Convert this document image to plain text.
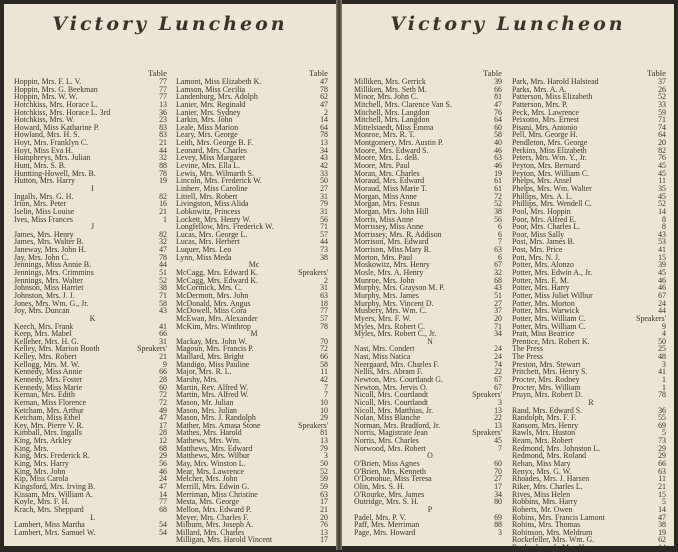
Victory Luncheon
Table
Hoppin, Mrs. F. L. V.	77
Hoppin, Mrs. G. Beekman	77
Hoppin, Mrs. W. W.	77
Hotchkiss, Mrs. Horace L.	13
Hotchkiss, Mrs. Horace L. 3rd	36
Hotchkiss, Mrs. W.	23
Howard, Miss Katharine P.	83
Howland, Mrs. H. S.	83
Hoyt, Mrs. Franklyn C.	21
Hoyt, Miss Eva H.	44
Humphreys, Mrs. Julian	32
Hunt, Mrs. S. B.	88
Huntting-Howell, Mrs. B.	78
Hutton, Mrs. Harry	19
I
Ingalls, Mrs. G. H.	82
Irion, Mrs. Peter	16
Iselin, Miss Louise	21
Ives, Miss Frances	1
J
James, Mrs. Henry	82
James, Mrs. Walter B.	32
Janeway, Mrs. John H.	47
Jay, Mrs. John C.	78
Jennings, Miss Annie B.	44
Jennings, Mrs. Crimmins	51
Jennings, Mrs. Walter	52
Johnson, Miss Harriet	38
Johnston, Mrs. J. J.	71
Jones, Mrs. Wm. G., Jr.	58
Joy, Mrs. Duncan	43
K
Keech, Mrs. Frank	41
Keep, Mrs. Mabel	66
Kelleher, Mrs. H. G.	31
Kelley, Mrs. Marion Booth	Speakers'
Kelley, Mrs. Robert	21
Kellogg, Mrs. M. W.	9
Kennedy, Miss Annie	66
Kennedy, Mrs. Foster	28
Kennedy, Miss Marie	60
Kernan, Mrs. Edith	72
Kernan, Miss Florence	72
Ketcham, Mrs. Arthur	49
Ketcham, Miss Ethel	47
Key, Mrs. Pierre V. R.	17
Kimball, Mrs. Ingalls	28
King, Mrs. Arkley	12
King, Mrs.	68
King, Mrs. Frederick R.	29
King, Mrs. Harry	56
King, Mrs. John	46
Kip, Miss Carola	24
Kingsford, Mrs. Irving B.	47
Kissam, Mrs. William A.	14
Koyle, Mrs. F. H.	77
Krach, Mrs. Sheppard	68
L
Lambert, Miss Martha	54
Lambert, Mrs. Samuel W.	54
Table
Lamont, Miss Elizabeth K.	47
Lamson, Miss Cecilia	78
Landenburg, Mrs. Adolph	62
Lanier, Mrs. Reginald	47
Lanier, Mrs. Sydney	2
Larkin, Mrs. John	14
Leale, Miss Marion	64
Leary, Mrs. George	78
Leith, Mrs. George B. F.	13
Leonard, Mrs. Charles	34
Levey, Miss Margaret	43
Levine, Mrs. Ella L.	42
Lewis, Mrs. Wilmarth S.	33
Lincoln, Mrs. Frederick W.	50
Linherr, Miss Caroline	27
Littell, Mrs. Robert	31
Livingston, Miss Alida	79
Lobkowitz, Princess	31
Lockett, Mrs. Henry W.	56
Longfellow, Mrs. Frederick W.	71
Lucas, Mrs. George L.	57
Lucas, Mrs. Herbert	44
Luquer, Mrs. Leo	73
Lynn, Miss Meda	38
Mc
McCagg, Mrs. Edward K.	Speakers'
McCagg, Mrs. Edward K.	2
McCormick, Mrs. C.	31
McDermott, Mrs. John	63
McDonald, Mrs. Angus	18
McDowell, Miss Cora	77
McEwan, Mrs. Alexander	57
McKim, Mrs. Winthrop	78
M
Mackay, Mrs. John W.	70
Magoun, Mrs. Francis P.	72
Maillard, Mrs. Bright	66
Mandigo, Miss Pauline	58
Major, Mrs. R. L.	11
Marshy, Mrs.	42
Martin, Rev. Alfred W.	7
Martin, Mrs. Alfred W.	7
Mason, Mr. Julian	10
Mason, Mrs. Julian	10
Mason, Mrs. J. Randolph	29
Mather, Mrs. Amasa Stone	Speakers'
Mathes, Mrs. Harold	81
Mathews, Mrs. Wm.	13
Matthews, Mrs. Edward	79
Matthews, Mrs. Wilbur	3
May, Mrs. Winston L.	50
Mear, Mrs. Lawrence	52
Melcher, Mrs. John	59
Merrill, Mrs. Edwin G.	59
Merriman, Miss Christine	63
Mesta, Mrs. George	17
Mellon, Mrs. Edward P.	21
Meyer, Mrs. Charles F.	20
Milburn, Mrs. Joseph A.	76
Millard, Mrs. Charles	13
Milligan, Mrs. Harold Vincent	17
Victory Luncheon
Table
Milliken, Mrs. Gerrick	39
Milliken, Mrs. Seth M.	66
Minor, Mrs. John C.	81
Mitchell, Mrs. Clarence Van S.	47
Mitchell, Mrs. Langdon	76
Mitchell, Mrs. Langdon	64
Mittelstaedt, Miss Emma	60
Monroe, Mrs. R. T.	58
Montgomery, Mrs. Austin P.	40
Moore, Mrs. Edward S.	46
Moore, Mrs. L. deB.	63
Moore, Mrs. Paul	46
Moran, Mrs. Charles	19
Moraud, Mrs. Edward	61
Moraud, Miss Marie T.	61
Morgan, Miss Anne	72
Morgan, Mrs. Festus	52
Morgan, Mrs. John Hill	38
Morris, Miss Anne	56
Morrissey, Miss Anne	6
Morrissey, Mrs. R. Addison	6
Morrison, Mrs. Edward	7
Morrison, Miss Mary R.	63
Morton, Mrs. Paul	6
Moskowitz, Mrs. Henry	67
Mosle, Mrs. A. Henry	32
Munroe, Mrs. John	68
Murphy, Mrs. Grayson M. P.	43
Murphy, Mrs. James	51
Murphy, Mrs. Vincent D.	27
Musbery, Mrs. Wm. C.	37
Myers, Mrs. F. W.	20
Myles, Mrs. Robert C.	71
Myles, Mrs. Robert C., Jr.	34
N
Nast, Mrs. Condert	24
Nast, Miss Natica	24
Neergaard, Mrs. Charles F.	74
Nellis, Mrs. Abram F.	22
Newton, Mrs. Courtlandt G.	67
Newton, Mrs. Jervis O.	67
Nicoll, Mrs. Courtlandt	Speakers'
Nicoll, Mrs. Courtlandt	3
Nicoll, Mrs. Matthias, Jr.	13
Nolan, Miss Blanche	22
Norman, Mrs. Bradford, Jr.	13
Norris, Magistrate Jean	Speakers'
Norris, Mrs. Charles	45
Norwood, Mrs. Robert	7
O
O'Brien, Miss Agnes	60
O'Brien, Mrs. Kenneth	70
O'Donohue, Miss Teresa	27
Olin, Mrs. S. H.	17
O'Rourke, Mrs. James	34
Outridge, Mrs. S. H.	80
P
Padel, Mrs. P. V.	69
Paff, Mrs. Merriman	88
Page, Mrs. Howard	3
Table
Park, Mrs. Harold Halstead	37
Parks, Mrs. A. A.	26
Patterson, Miss Elizabeth	52
Patterson, Mrs. P.	33
Peck, Mrs. Lawrence	59
Peixotto, Mrs. Ernest	71
Pisani, Mrs. Antonio	74
Pell, Mrs. George H.	64
Pendleton, Mrs. George	20
Perkins, Miss Elizabeth	82
Peters, Mrs. Wm. Y., Jr.	76
Peyton, Mrs. Bernard	45
Peyton, Mrs. William C.	45
Phelps, Mrs. Ansel	11
Phelps, Mrs. Wm. Walter	35
Phillips, Mrs. A. L.	45
Phillips, Mrs. Wendell C.	52
Pool, Mrs. Hoppin	14
Poor, Mrs. Alfred E.	8
Poor, Mrs. Charles L.	8
Poor, Miss Sally	43
Post, Mrs. James B.	53
Post, Mrs. Price	41
Pott, Mrs. N. J.	15
Potter, Mrs. Alonzo	39
Potter, Mrs. Edwin A., Jr.	45
Potter, Mrs. E. M.	46
Potter, Mrs. Harry	46
Potter, Miss Juliet Wilbur	67
Potter, Mrs. Morton	24
Potter, Mrs. Warwick	44
Potter, Mrs. William C.	Speakers'
Potter, Mrs. William C.	9
Pratt, Miss Beatrice	4
Prentice, Mrs. Robert K.	50
The Press	25
The Press	48
Preston, Mrs. Stewart	3
Pritchett, Mrs. Henry S.	41
Procter, Mrs. Rodney	1
Procter, Mrs. William	1
Pruyn, Mrs. Robert D.	78
R
Rand, Mrs. Edward S.	36
Randolph, Mrs. F. F.	55
Ransom, Mrs. Henry	69
Rawls, Mrs. Huston	5
Rearn, Mrs. Robert	73
Redmond, Mrs. Johnston L.	29
Redmond, Mrs. Roland	29
Rehan, Miss Mary	66
Renyx, Mrs. G. W.	63
Rhoades, Mrs. J. Harsen	11
Riker, Mrs. Charles L.	21
Rives, Miss Helen	15
Robbins, Mrs. Harry	5
Roberts, Mr. Owen	14
Robins, Mrs. Francis Lamont	47
Robins, Mrs. Thomas	38
Robinson, Mrs. Meldrum	19
Rockefeller, Mrs. Wm. G.	62
Rockenbraugh, Mrs. Henry	14
